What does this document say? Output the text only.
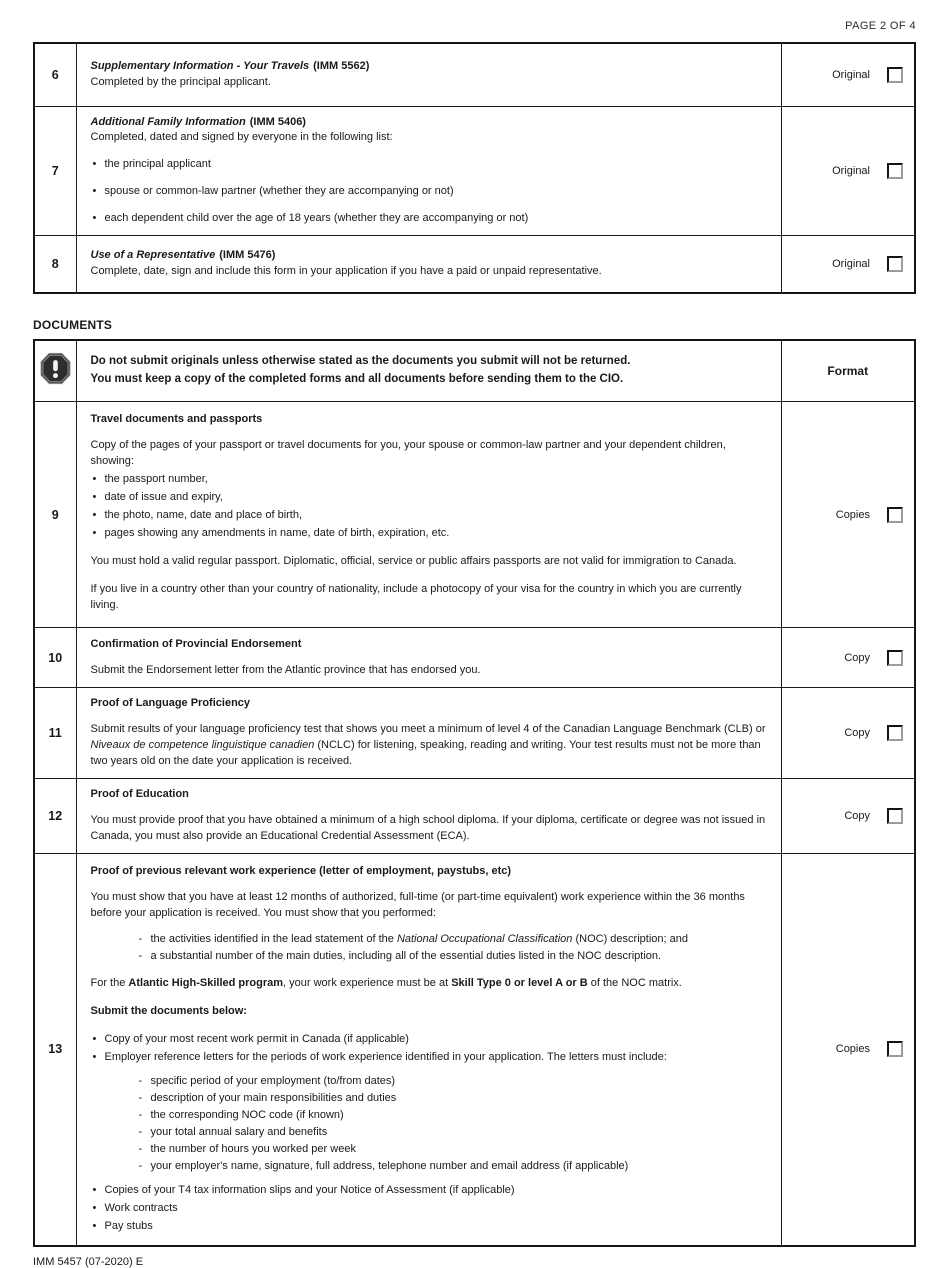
PAGE 2 OF 4
6	Supplementary Information - Your Travels (IMM 5562)
Completed by the principal applicant.	Original

7	
Additional Family Information (IMM 5406)
Completed, dated and signed by everyone in the following list:
• the principal applicant
• spouse or common-law partner (whether they are accompanying or not)
• each dependent child over the age of 18 years (whether they are accompanying or not)

Original

8	Use of a Representative (IMM 5476)
Complete, date, sign and include this form in your application if you have a paid or unpaid representative.	Original
DOCUMENTS

Do not submit originals unless otherwise stated as the documents you submit will not be returned.
You must keep a copy of the completed forms and all documents before sending them to the CIO.	Format
9	
Travel documents and passports
Copy of the pages of your passport or travel documents for you, your spouse or common-law partner and your dependent children, showing:
• the passport number,
• date of issue and expiry,
• the photo, name, date and place of birth,
• pages showing any amendments in name, date of birth, expiration, etc.
You must hold a valid regular passport. Diplomatic, official, service or public affairs passports are not valid for immigration to Canada.
If you live in a country other than your country of nationality, include a photocopy of your visa for the country in which you are currently living.

Copies

10	Confirmation of Provincial Endorsement
Submit the Endorsement letter from the Atlantic province that has endorsed you.	Copy

11	Proof of Language Proficiency
Submit results of your language proficiency test that shows you meet a minimum of level 4 of the Canadian Language Benchmark (CLB) or Niveaux de competence linguistique canadien (NCLC) for listening, speaking, reading and writing. Your test results must not be more than two years old on the date your application is received.	Copy

12	Proof of Education
You must provide proof that you have obtained a minimum of a high school diploma. If your diploma, certificate or degree was not issued in Canada, you must also provide an Educational Credential Assessment (ECA).	Copy

13	
Proof of previous relevant work experience (letter of employment, paystubs, etc)
You must show that you have at least 12 months of authorized, full-time (or part-time equivalent) work experience within the 36 months before your application is received. You must show that you performed:
- the activities identified in the lead statement of the National Occupational Classification (NOC) description; and
- a substantial number of the main duties, including all of the essential duties listed in the NOC description.
For the Atlantic High-Skilled program, your work experience must be at Skill Type 0 or level A or B of the NOC matrix.
Submit the documents below:
• Copy of your most recent work permit in Canada (if applicable)
• Employer reference letters for the periods of work experience identified in your application. The letters must include:
- specific period of your employment (to/from dates)
- description of your main responsibilities and duties
- the corresponding NOC code (if known)
- your total annual salary and benefits
- the number of hours you worked per week
- your employer's name, signature, full address, telephone number and email address (if applicable)
• Copies of your T4 tax information slips and your Notice of Assessment (if applicable)
• Work contracts
• Pay stubs

Copies
IMM 5457 (07-2020) E
